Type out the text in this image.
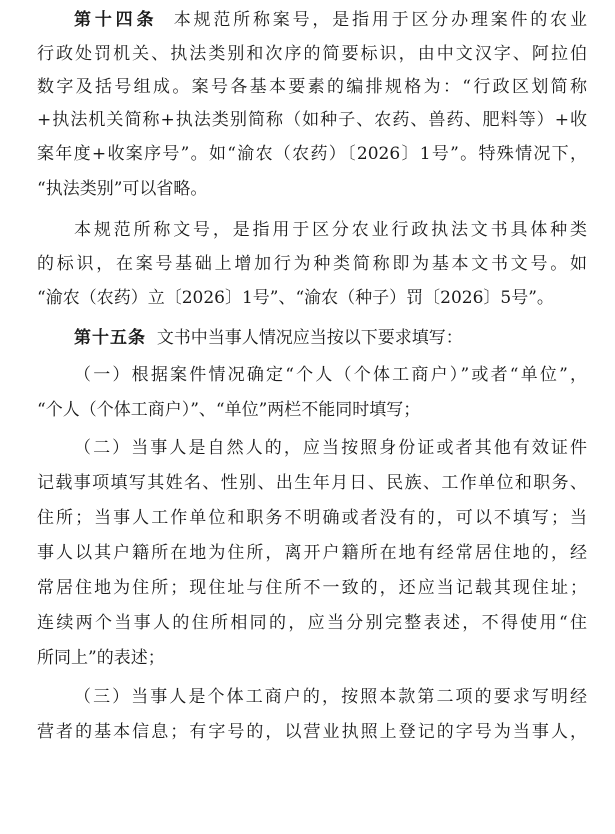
第十四条 本规范所称案号，是指用于区分办理案件的农业
行政处罚机关、执法类别和次序的简要标识，由中文汉字、阿拉伯
数字及括号组成。案号各基本要素的编排规格为：“行政区划简称
+执法机关简称+执法类别简称（如种子、农药、兽药、肥料等）+收
案年度+收案序号”。如“渝农（农药）〔2026〕1号”。特殊情况下，
“执法类别”可以省略。
本规范所称文号，是指用于区分农业行政执法文书具体种类
的标识，在案号基础上增加行为种类简称即为基本文书文号。如
“渝农（农药）立〔2026〕1号”、“渝农（种子）罚〔2026〕5号”。
第十五条 文书中当事人情况应当按以下要求填写：
（一）根据案件情况确定“个人（个体工商户）”或者“单位”，
“个人（个体工商户）”、“单位”两栏不能同时填写；
（二）当事人是自然人的，应当按照身份证或者其他有效证件
记载事项填写其姓名、性别、出生年月日、民族、工作单位和职务、
住所；当事人工作单位和职务不明确或者没有的，可以不填写；当
事人以其户籍所在地为住所，离开户籍所在地有经常居住地的，经
常居住地为住所；现住址与住所不一致的，还应当记载其现住址；
连续两个当事人的住所相同的，应当分别完整表述，不得使用“住
所同上”的表述；
（三）当事人是个体工商户的，按照本款第二项的要求写明经
营者的基本信息；有字号的，以营业执照上登记的字号为当事人，
